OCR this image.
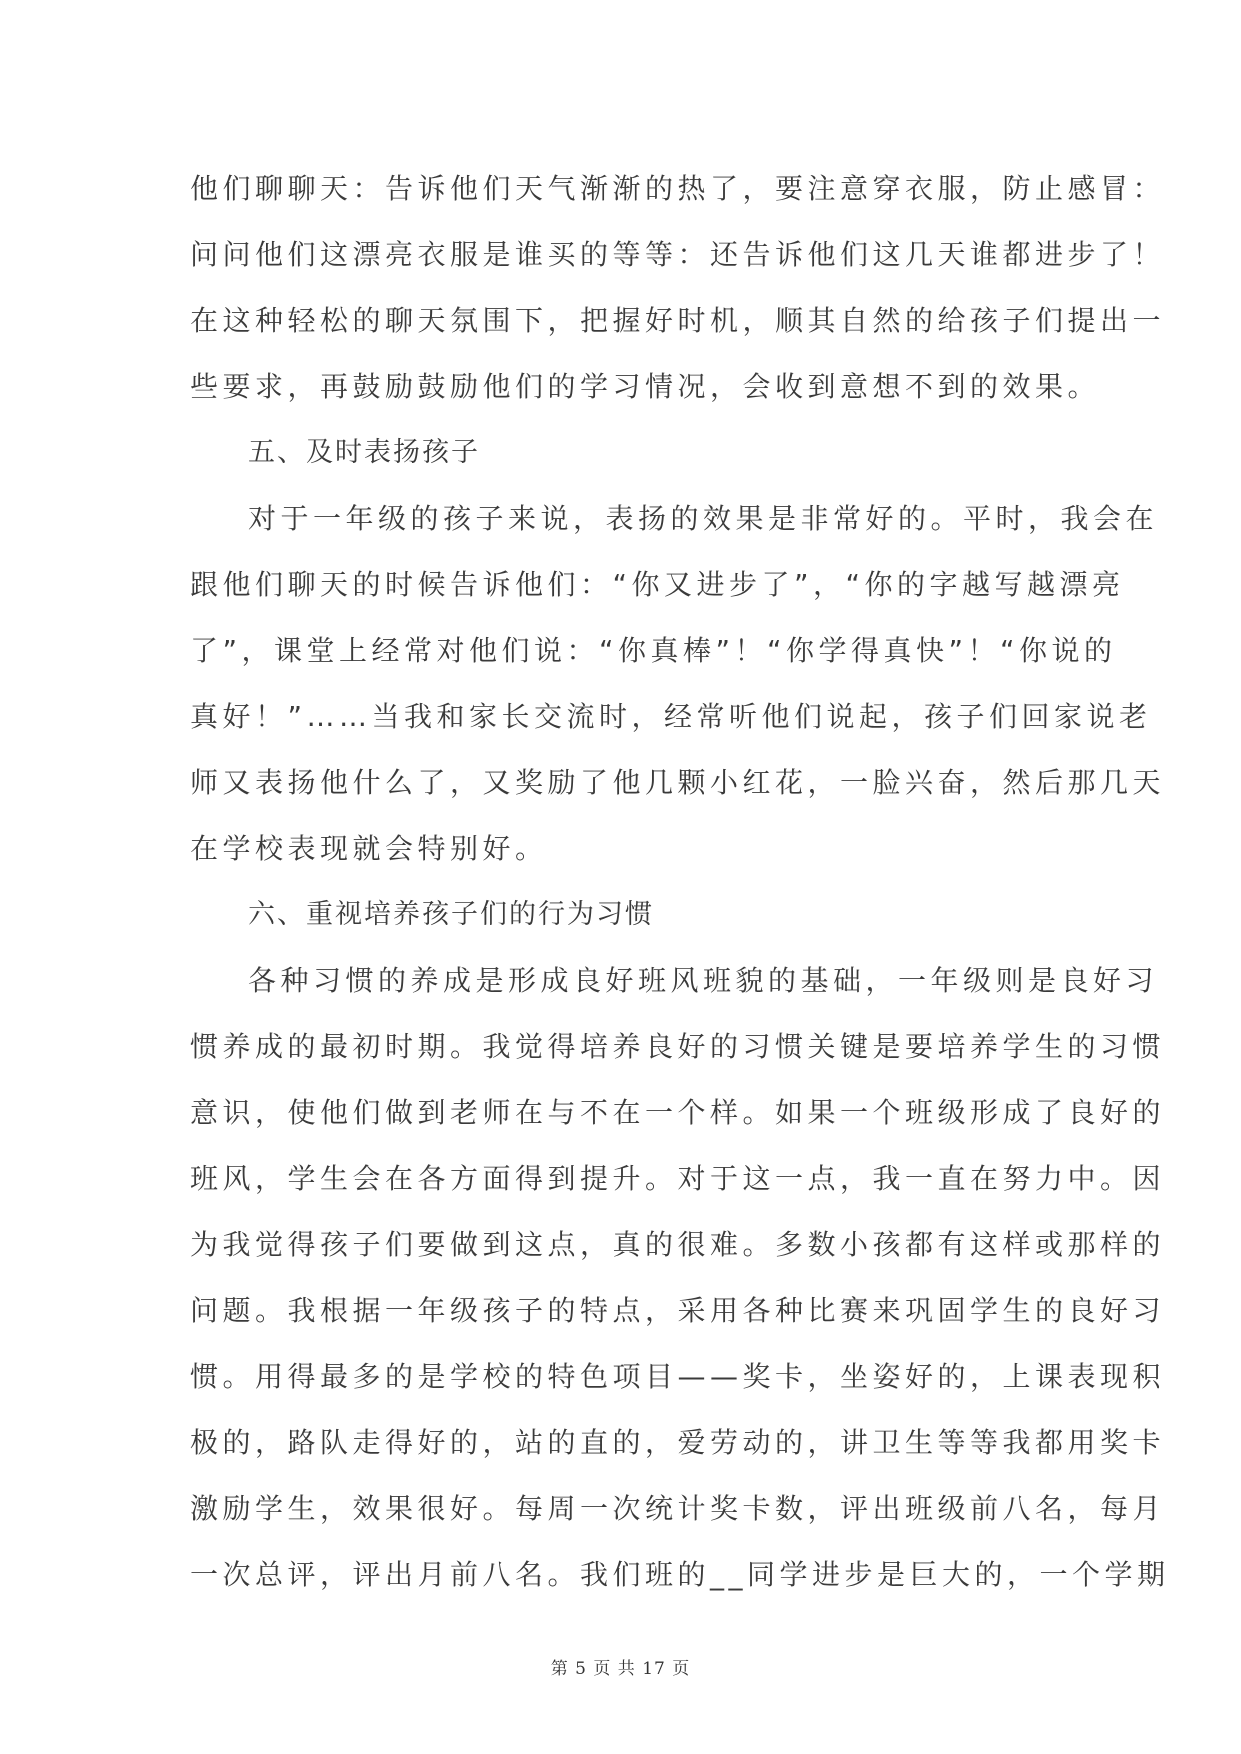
他们聊聊天：告诉他们天气渐渐的热了，要注意穿衣服，防止感冒：
问问他们这漂亮衣服是谁买的等等：还告诉他们这几天谁都进步了！
在这种轻松的聊天氛围下，把握好时机，顺其自然的给孩子们提出一
些要求，再鼓励鼓励他们的学习情况，会收到意想不到的效果。
五、及时表扬孩子
对于一年级的孩子来说，表扬的效果是非常好的。平时，我会在
跟他们聊天的时候告诉他们：“你又进步了”，“你的字越写越漂亮
了”，课堂上经常对他们说：“你真棒”！“你学得真快”！“你说的
真好！”……当我和家长交流时，经常听他们说起，孩子们回家说老
师又表扬他什么了，又奖励了他几颗小红花，一脸兴奋，然后那几天
在学校表现就会特别好。
六、重视培养孩子们的行为习惯
各种习惯的养成是形成良好班风班貌的基础，一年级则是良好习
惯养成的最初时期。我觉得培养良好的习惯关键是要培养学生的习惯
意识，使他们做到老师在与不在一个样。如果一个班级形成了良好的
班风，学生会在各方面得到提升。对于这一点，我一直在努力中。因
为我觉得孩子们要做到这点，真的很难。多数小孩都有这样或那样的
问题。我根据一年级孩子的特点，采用各种比赛来巩固学生的良好习
惯。用得最多的是学校的特色项目——奖卡，坐姿好的，上课表现积
极的，路队走得好的，站的直的，爱劳动的，讲卫生等等我都用奖卡
激励学生，效果很好。每周一次统计奖卡数，评出班级前八名，每月
一次总评，评出月前八名。我们班的__同学进步是巨大的，一个学期
第 5 页 共 17 页
